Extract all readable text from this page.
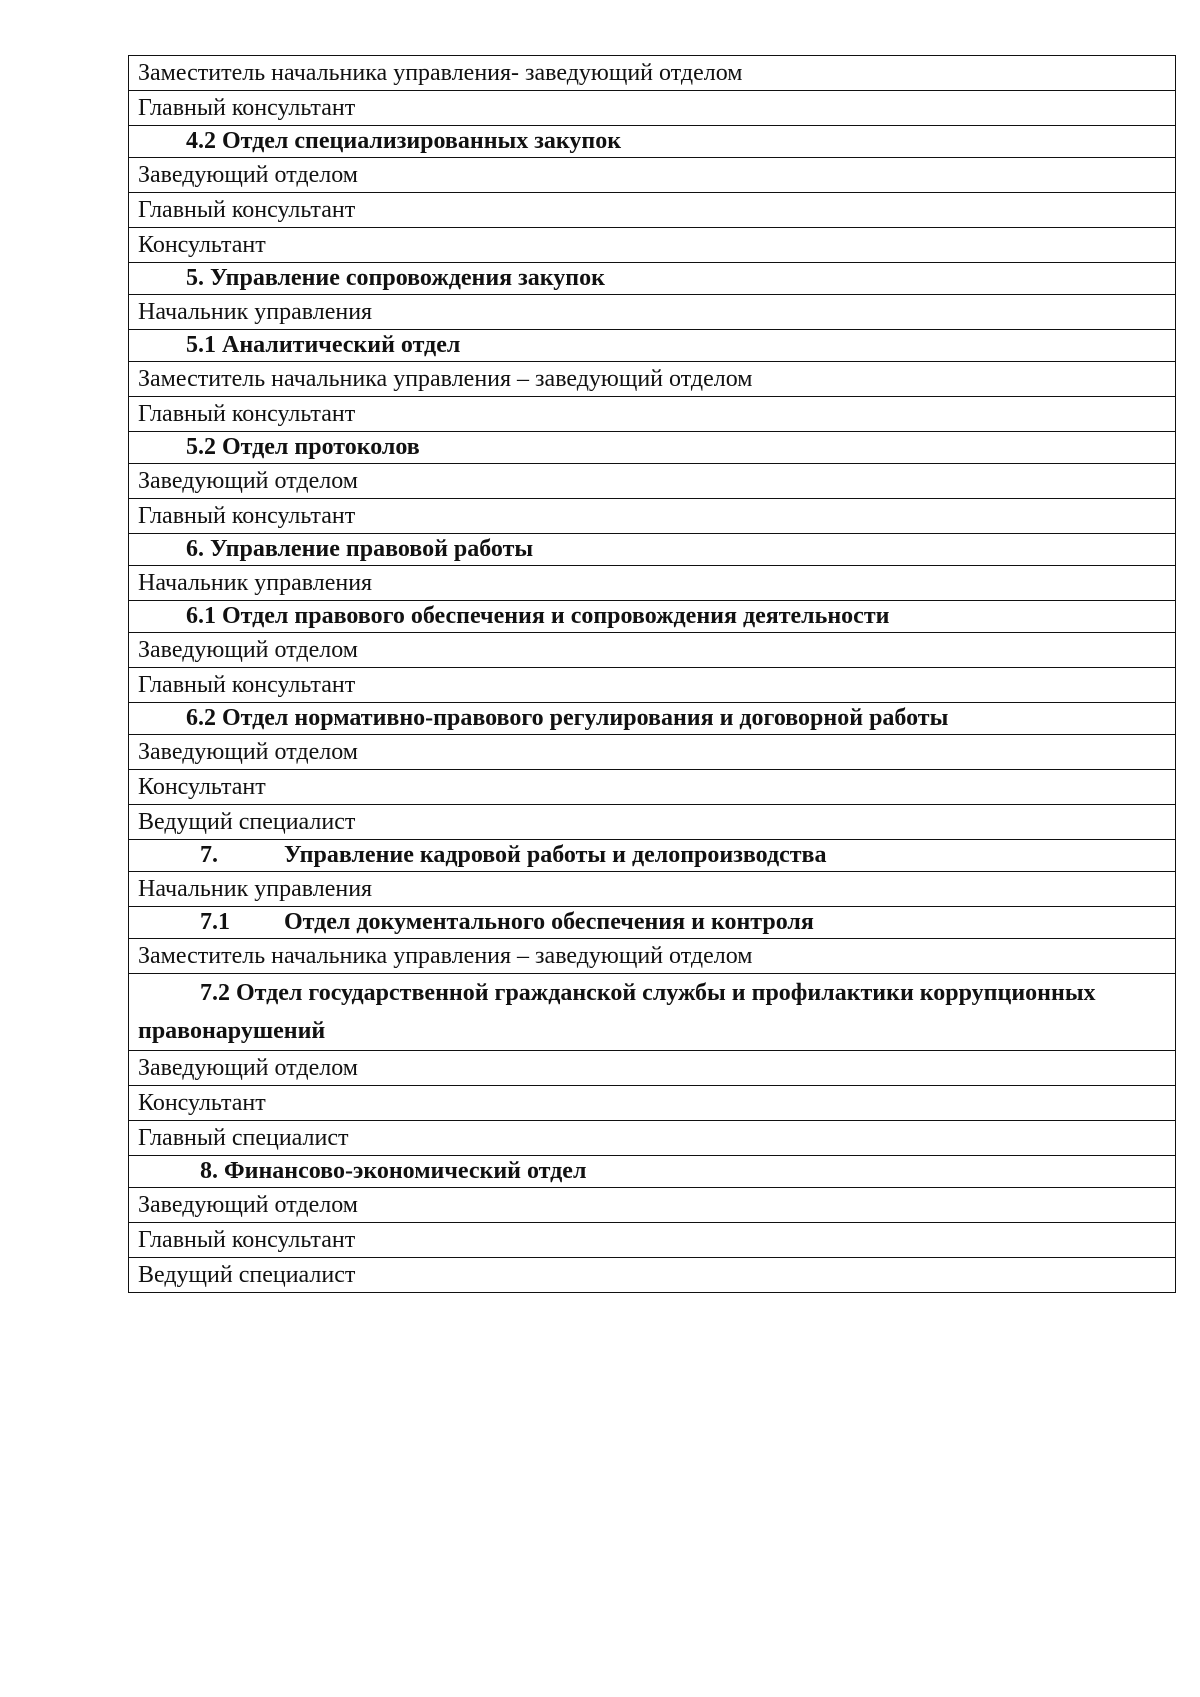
Заместитель начальника управления- заведующий отделом
Главный консультант
4.2 Отдел специализированных закупок
Заведующий отделом
Главный консультант
Консультант
5. Управление сопровождения закупок
Начальник управления
5.1 Аналитический отдел
Заместитель начальника управления – заведующий отделом
Главный консультант
5.2 Отдел протоколов
Заведующий отделом
Главный консультант
6. Управление правовой работы
Начальник управления
6.1 Отдел правового обеспечения и сопровождения деятельности
Заведующий отделом
Главный консультант
6.2 Отдел нормативно-правового регулирования и договорной работы
Заведующий отделом
Консультант
Ведущий специалист
7.	Управление кадровой работы и делопроизводства
Начальник управления
7.1 Отдел документального обеспечения и контроля
Заместитель начальника управления – заведующий отделом
7.2 Отдел государственной гражданской службы и профилактики коррупционных правонарушений
Заведующий отделом
Консультант
Главный специалист
8. Финансово-экономический отдел
Заведующий отделом
Главный консультант
Ведущий специалист
